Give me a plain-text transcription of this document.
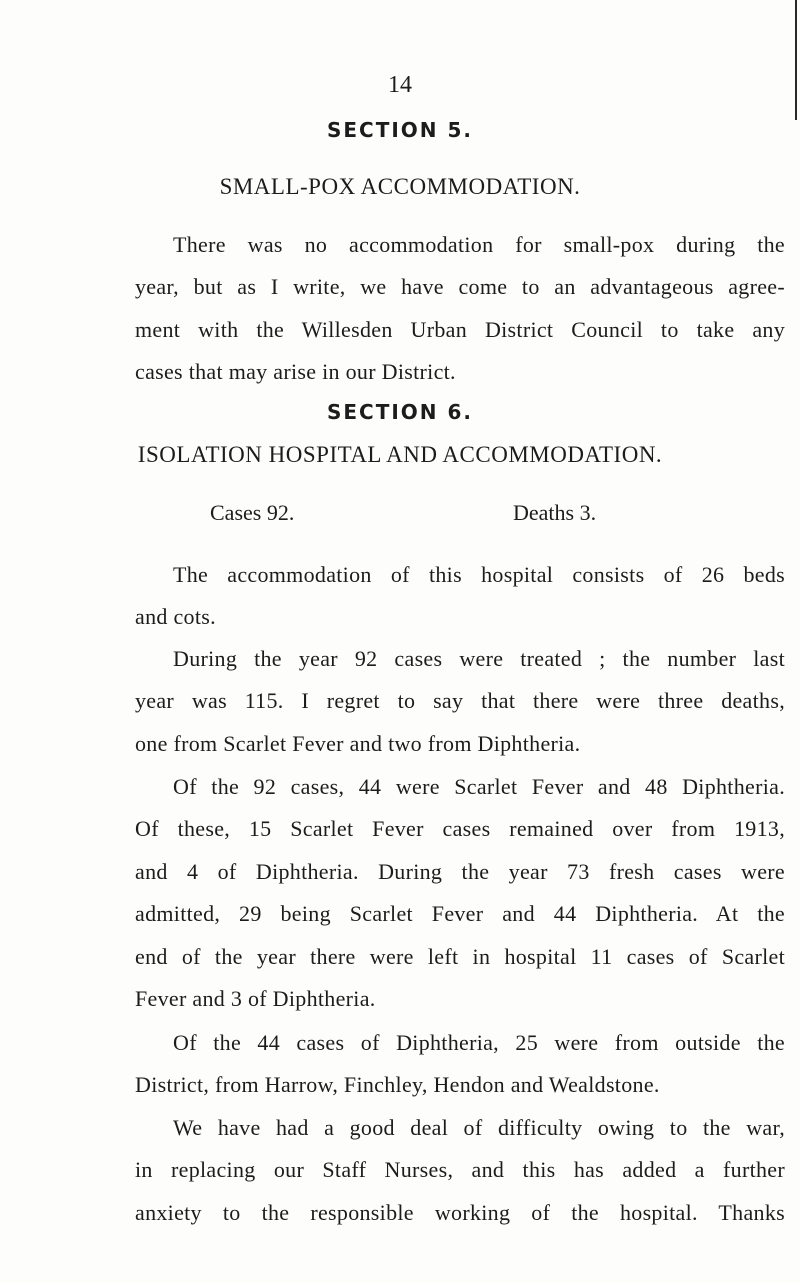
14
SECTION 5.
SMALL-POX ACCOMMODATION.
There was no accommodation for small-pox during the
year, but as I write, we have come to an advantageous agree-
ment with the Willesden Urban District Council to take any
cases that may arise in our District.
SECTION 6.
ISOLATION HOSPITAL AND ACCOMMODATION.
Cases 92.	Deaths 3.
The accommodation of this hospital consists of 26 beds
and cots.
During the year 92 cases were treated ; the number last
year was 115. I regret to say that there were three deaths,
one from Scarlet Fever and two from Diphtheria.
Of the 92 cases, 44 were Scarlet Fever and 48 Diphtheria.
Of these, 15 Scarlet Fever cases remained over from 1913,
and 4 of Diphtheria. During the year 73 fresh cases were
admitted, 29 being Scarlet Fever and 44 Diphtheria. At the
end of the year there were left in hospital 11 cases of Scarlet
Fever and 3 of Diphtheria.
Of the 44 cases of Diphtheria, 25 were from outside the
District, from Harrow, Finchley, Hendon and Wealdstone.
We have had a good deal of difficulty owing to the war,
in replacing our Staff Nurses, and this has added a further
anxiety to the responsible working of the hospital. Thanks
